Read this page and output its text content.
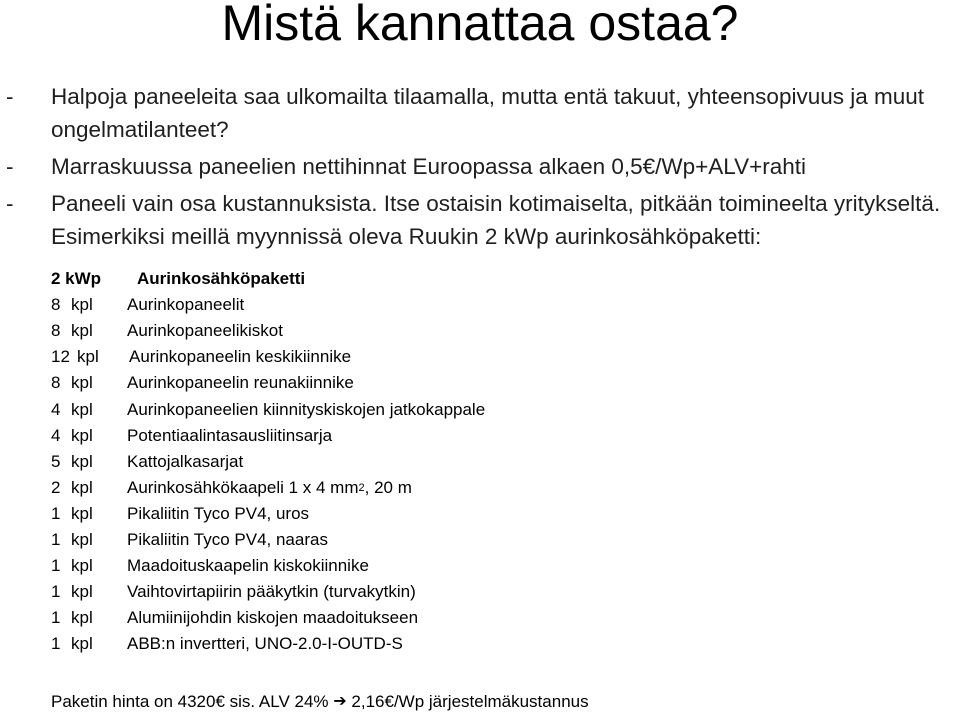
Mistä kannattaa ostaa?
- Halpoja paneeleita saa ulkomailta tilaamalla, mutta entä takuut, yhteensopivuus ja muut ongelmatilanteet?
- Marraskuussa paneelien nettihinnat Euroopassa alkaen 0,5€/Wp+ALV+rahti
- Paneeli vain osa kustannuksista. Itse ostaisin kotimaiselta, pitkään toimineelta yritykseltä. Esimerkiksi meillä myynnissä oleva Ruukin 2 kWp aurinkosähköpaketti:
2 kWp	Aurinkosähköpaketti
8 kpl	Aurinkopaneelit
8 kpl	Aurinkopaneelikiskot
12 kpl	Aurinkopaneelin keskikiinnike
8 kpl	Aurinkopaneelin reunakiinnike
4 kpl	Aurinkopaneelien kiinnityskiskojen jatkokappale
4 kpl	Potentiaalintasausliitinsarja
5 kpl	Kattojalkasarjat
2 kpl	Aurinkosähkökaapeli 1 x 4 mm 2 , 20 m
1 kpl	Pikaliitin Tyco PV4, uros
1 kpl	Pikaliitin Tyco PV4, naaras
1 kpl	Maadoituskaapelin kiskokiinnike
1 kpl	Vaihtovirtapiirin pääkytkin (turvakytkin)
1 kpl	Alumiinijohdin kiskojen maadoitukseen
1 kpl	ABB:n invertteri, UNO-2.0-I-OUTD-S
Paketin hinta on 4320€ sis. ALV 24% ➔ 2,16€/Wp järjestelmäkustannus
